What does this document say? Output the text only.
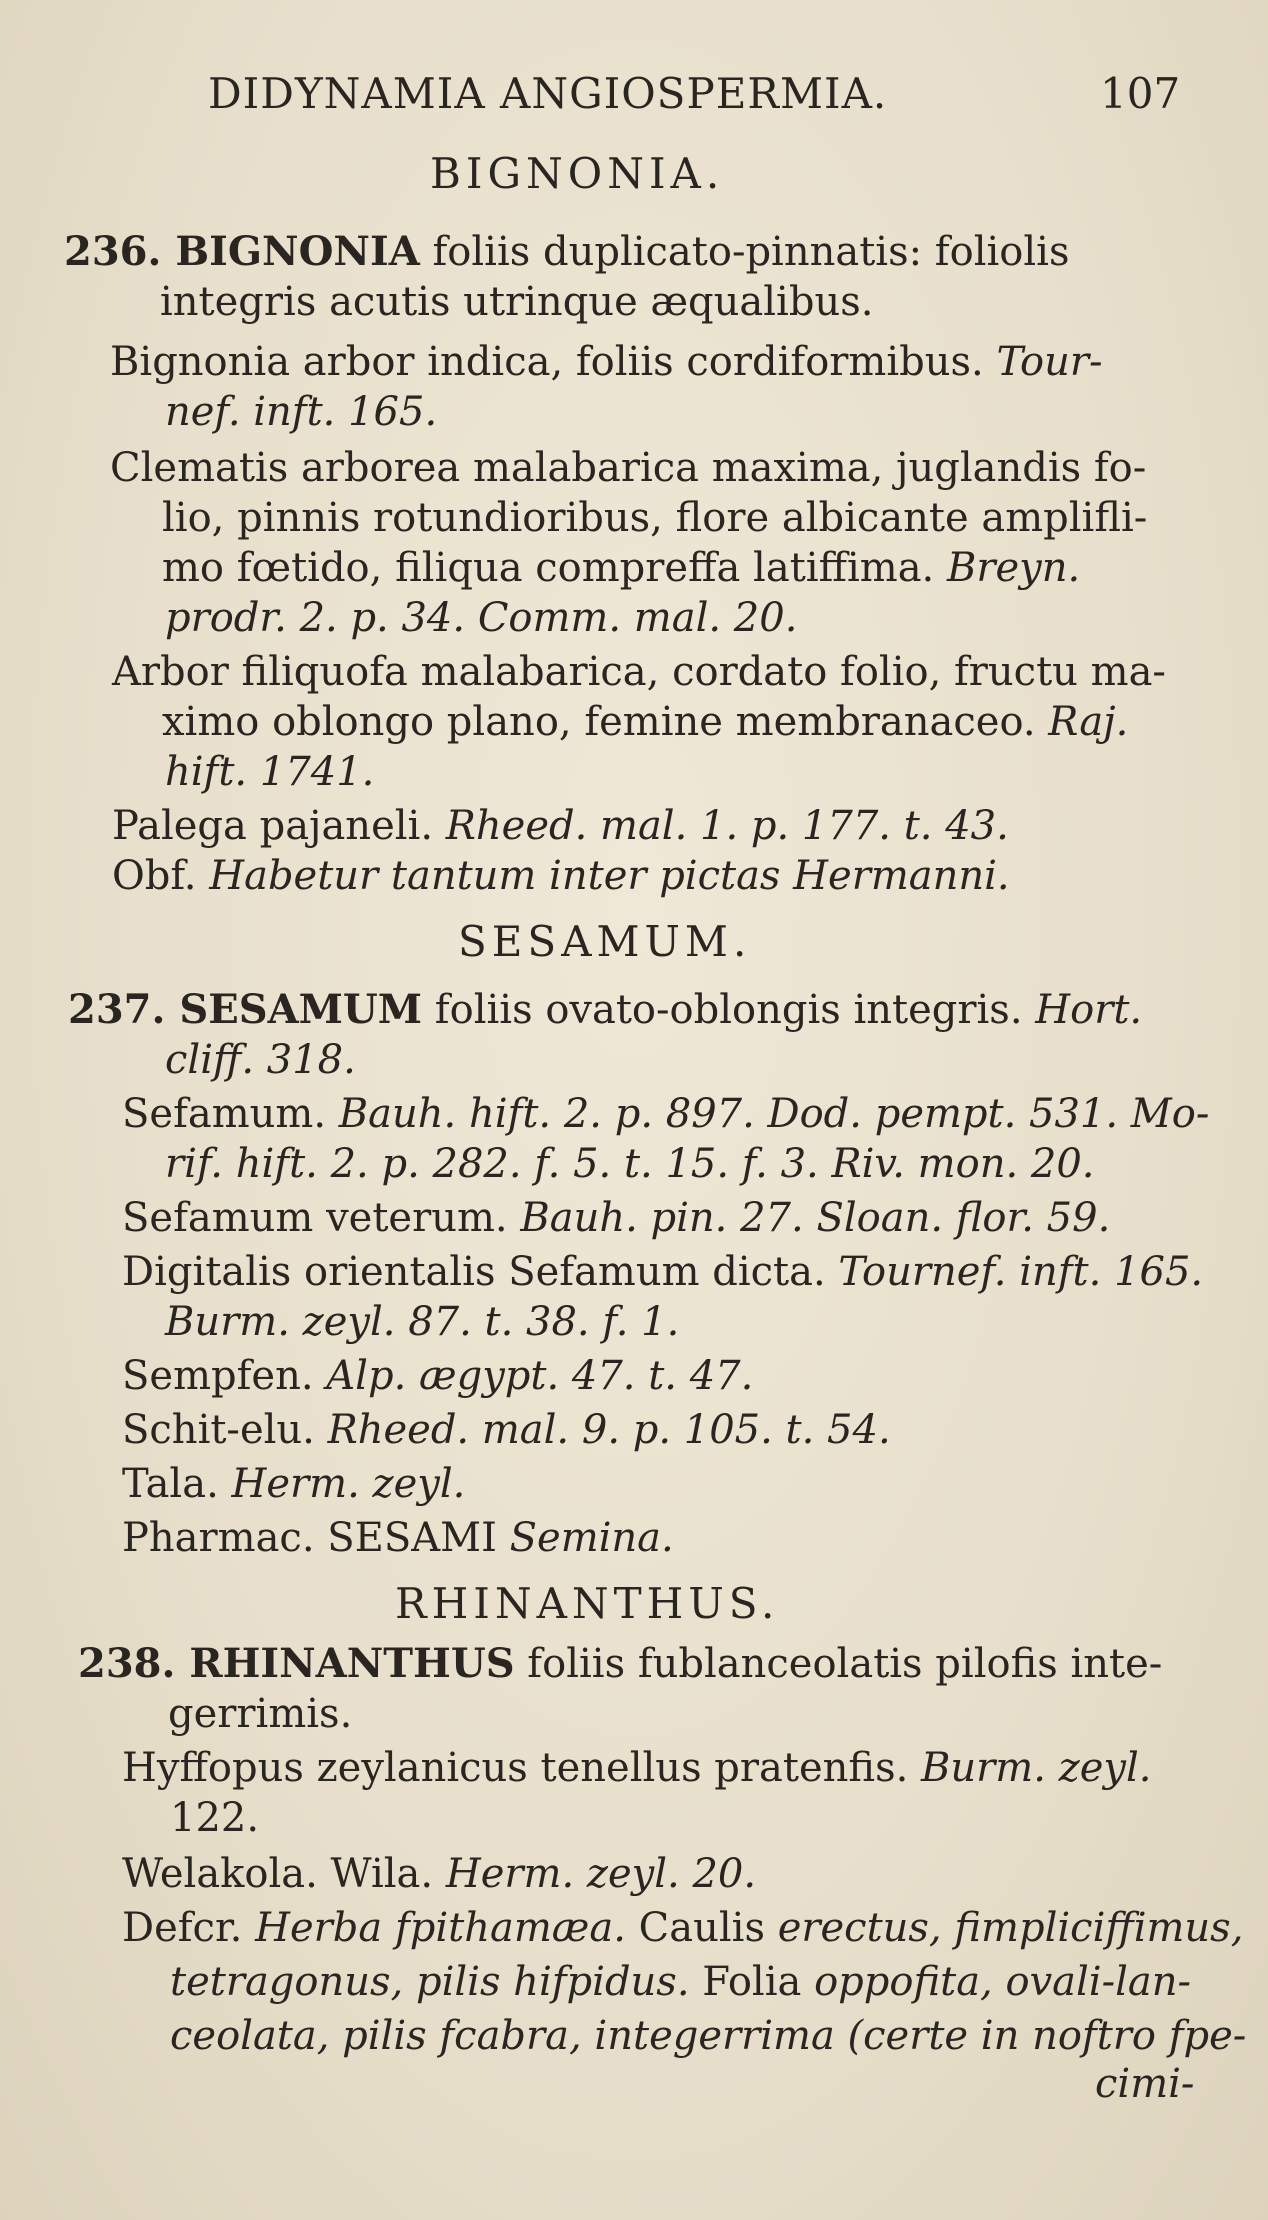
DIDYNAMIA ANGIOSPERMIA.	107
BIGNONIA.
236. BIGNONIA foliis duplicato-pinnatis: foliolis
integris acutis utrinque æqualibus.
Bignonia arbor indica, foliis cordiformibus. Tour-
nef. inft. 165.
Clematis arborea malabarica maxima, juglandis fo-
lio, pinnis rotundioribus, flore albicante amplifli-
mo fœtido, filiqua compreffa latiffima. Breyn.
prodr. 2. p. 34. Comm. mal. 20.
Arbor filiquofa malabarica, cordato folio, fructu ma-
ximo oblongo plano, femine membranaceo. Raj.
hift. 1741.
Palega pajaneli. Rheed. mal. 1. p. 177. t. 43.
Obf. Habetur tantum inter pictas Hermanni.
SESAMUM.
237. SESAMUM foliis ovato-oblongis integris. Hort.
cliff. 318.
Sefamum. Bauh. hift. 2. p. 897. Dod. pempt. 531. Mo-
rif. hift. 2. p. 282. f. 5. t. 15. f. 3. Riv. mon. 20.
Sefamum veterum. Bauh. pin. 27. Sloan. flor. 59.
Digitalis orientalis Sefamum dicta. Tournef. inft. 165.
Burm. zeyl. 87. t. 38. f. 1.
Sempfen. Alp. ægypt. 47. t. 47.
Schit-elu. Rheed. mal. 9. p. 105. t. 54.
Tala. Herm. zeyl.
Pharmac. SESAMI Semina.
RHINANTHUS.
238. RHINANTHUS foliis fublanceolatis pilofis inte-
gerrimis.
Hyffopus zeylanicus tenellus pratenfis. Burm. zeyl.
122.
Welakola. Wila. Herm. zeyl. 20.
Defcr. Herba fpithamæa. Caulis erectus, fimpliciffimus,
tetragonus, pilis hifpidus. Folia oppofita, ovali-lan-
ceolata, pilis fcabra, integerrima (certe in noftro fpe-
cimi-
